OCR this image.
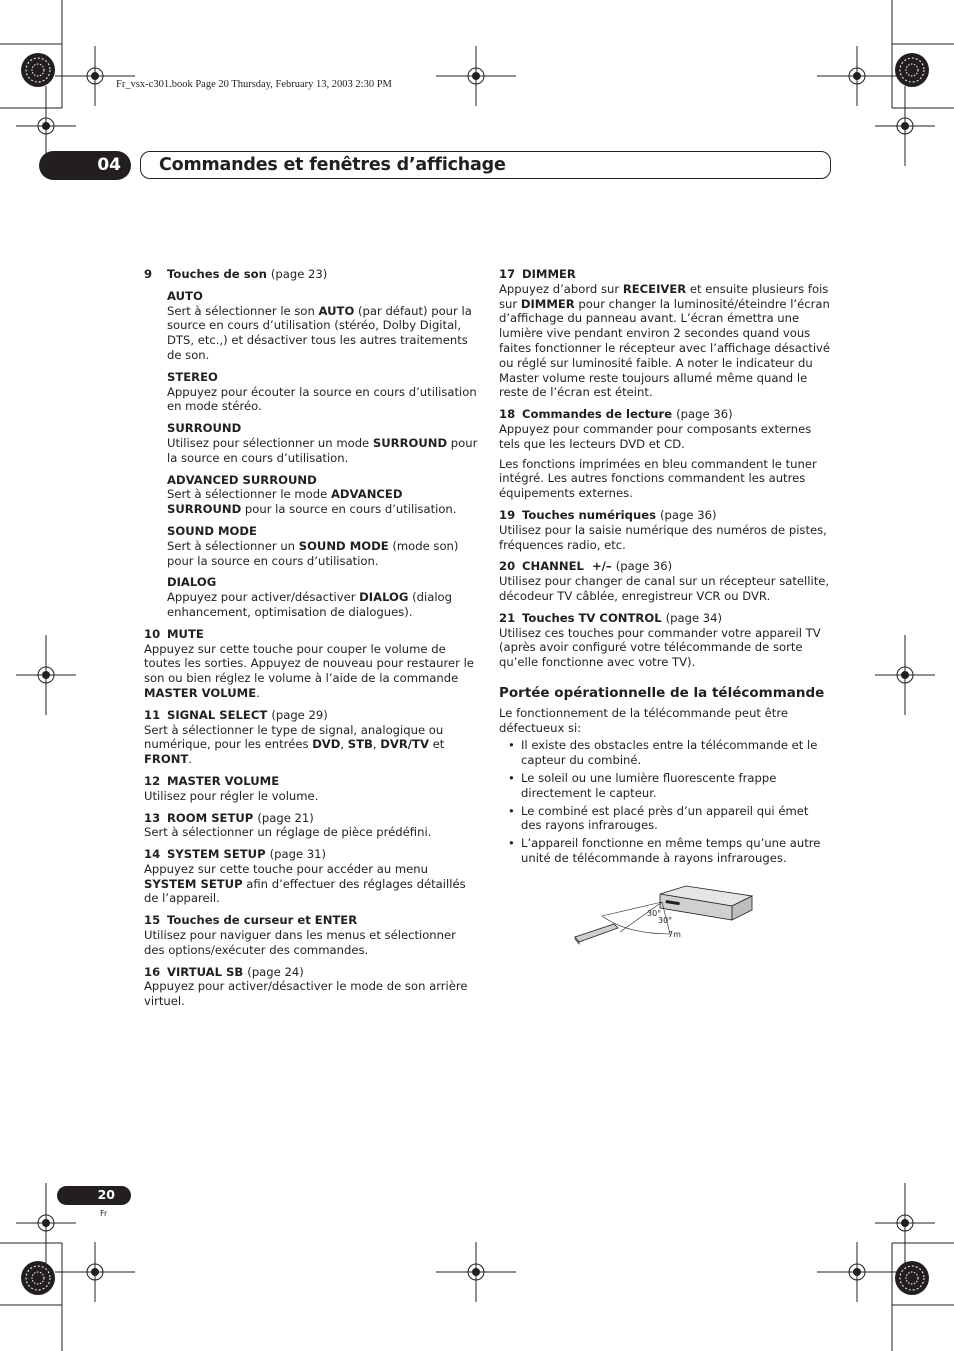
Fr_vsx-c301.book Page 20 Thursday, February 13, 2003 2:30 PM
04 Commandes et fenêtres d’affichage
9 Touches de son (page 23)
AUTO

Sert à sélectionner le son AUTO (par défaut) pour la source en cours d’utilisation (stéréo, Dolby Digital, DTS, etc.,) et désactiver tous les autres traitements de son.

STEREO

Appuyez pour écouter la source en cours d’utilisation en mode stéréo.

SURROUND

Utilisez pour sélectionner un mode SURROUND pour la source en cours d’utilisation.

ADVANCED SURROUND

Sert à sélectionner le mode ADVANCED SURROUND pour la source en cours d’utilisation.

SOUND MODE

Sert à sélectionner un SOUND MODE (mode son) pour la source en cours d’utilisation.

DIALOG

Appuyez pour activer/désactiver DIALOG (dialog enhancement, optimisation de dialogues).

10 MUTE

Appuyez sur cette touche pour couper le volume de toutes les sorties. Appuyez de nouveau pour restaurer le son ou bien réglez le volume à l’aide de la commande MASTER VOLUME.

11 SIGNAL SELECT (page 29)

Sert à sélectionner le type de signal, analogique ou numérique, pour les entrées DVD, STB, DVR/TV et FRONT.

12 MASTER VOLUME

Utilisez pour régler le volume.

13 ROOM SETUP (page 21)

Sert à sélectionner un réglage de pièce prédéfini.

14 SYSTEM SETUP (page 31)

Appuyez sur cette touche pour accéder au menu SYSTEM SETUP afin d’effectuer des réglages détaillés de l’appareil.

15 Touches de curseur et ENTER

Utilisez pour naviguer dans les menus et sélectionner des options/exécuter des commandes.

16 VIRTUAL SB (page 24)

Appuyez pour activer/désactiver le mode de son arrière virtuel.

17 DIMMER

Appuyez d’abord sur RECEIVER et ensuite plusieurs fois sur DIMMER pour changer la luminosité/éteindre l’écran d’affichage du panneau avant. L’écran émettra une lumière vive pendant environ 2 secondes quand vous faites fonctionner le récepteur avec l’affichage désactivé ou réglé sur luminosité faible. A noter le indicateur du Master volume reste toujours allumé même quand le reste de l’écran est éteint.

18 Commandes de lecture (page 36)

Appuyez pour commander pour composants externes tels que les lecteurs DVD et CD.

Les fonctions imprimées en bleu commandent le tuner intégré. Les autres fonctions commandent les autres équipements externes.

19 Touches numériques (page 36)

Utilisez pour la saisie numérique des numéros de pistes, fréquences radio, etc.

20 CHANNEL  +/– (page 36)

Utilisez pour changer de canal sur un récepteur satellite, décodeur TV câblée, enregistreur VCR ou DVR.

21 Touches TV CONTROL (page 34)

Utilisez ces touches pour commander votre appareil TV (après avoir configuré votre télécommande de sorte qu’elle fonctionne avec votre TV).

Portée opérationnelle de la télécommande

Le fonctionnement de la télécommande peut être défectueux si:

• Il existe des obstacles entre la télécommande et le capteur du combiné.
• Le soleil ou une lumière fluorescente frappe directement le capteur.
• Le combiné est placé près d’un appareil qui émet des rayons infrarouges.
• L’appareil fonctionne en même temps qu’une autre unité de télécommande à rayons infrarouges.
30°
30°
7m
20
Fr
